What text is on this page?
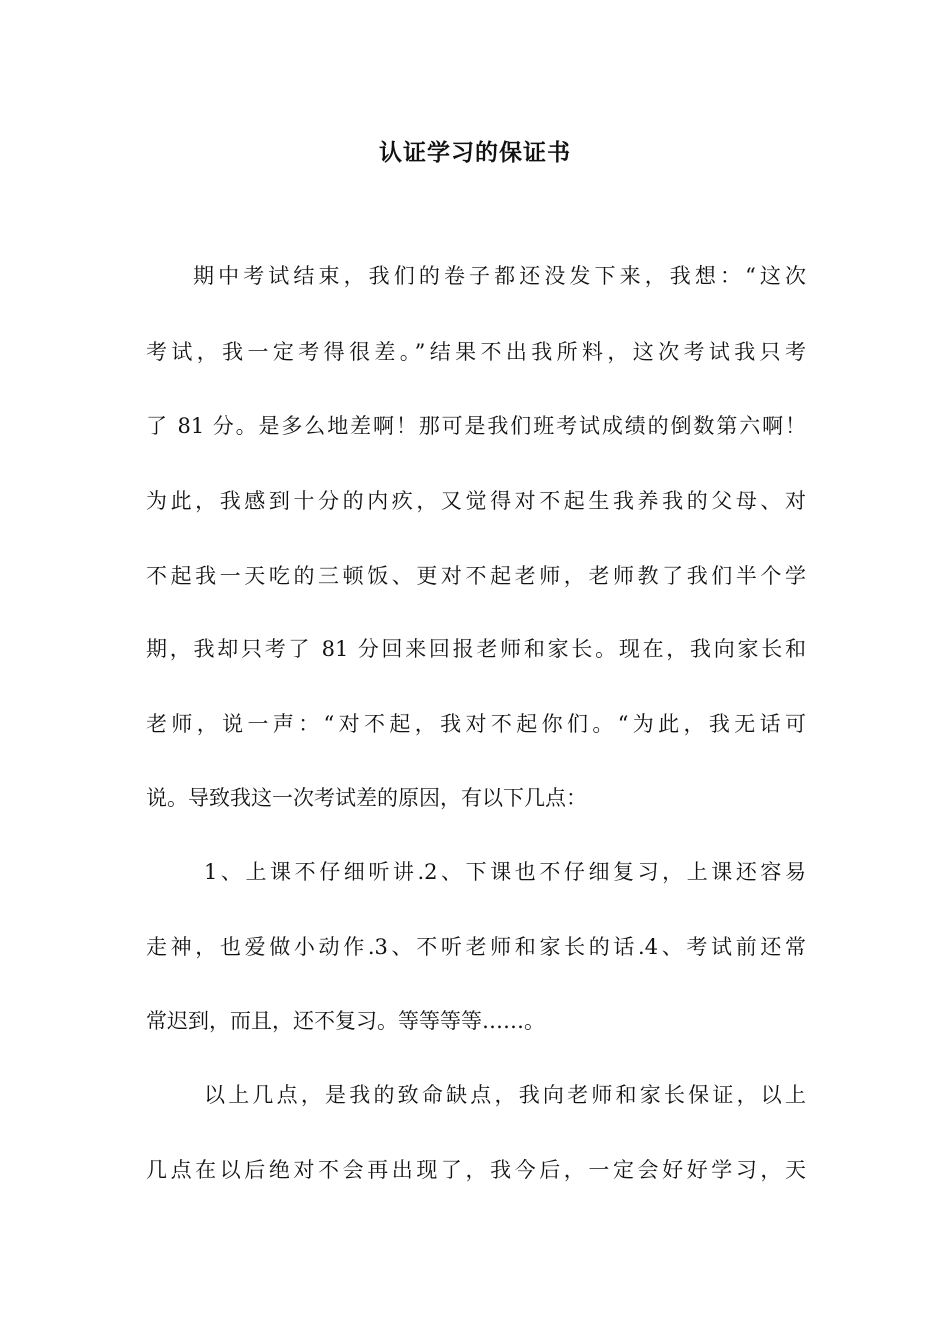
认证学习的保证书
期中考试结束，我们的卷子都还没发下来，我想：“这次
考试，我一定考得很差。”结果不出我所料，这次考试我只考
了 81 分。是多么地差啊！那可是我们班考试成绩的倒数第六啊！
为此，我感到十分的内疚，又觉得对不起生我养我的父母、对
不起我一天吃的三顿饭、更对不起老师，老师教了我们半个学
期，我却只考了 81 分回来回报老师和家长。现在，我向家长和
老师，说一声：“对不起，我对不起你们。“为此，我无话可
说。导致我这一次考试差的原因，有以下几点：
1、上课不仔细听讲.2、下课也不仔细复习，上课还容易
走神，也爱做小动作.3、不听老师和家长的话.4、考试前还常
常迟到，而且，还不复习。等等等等……。
以上几点，是我的致命缺点，我向老师和家长保证，以上
几点在以后绝对不会再出现了，我今后，一定会好好学习，天
